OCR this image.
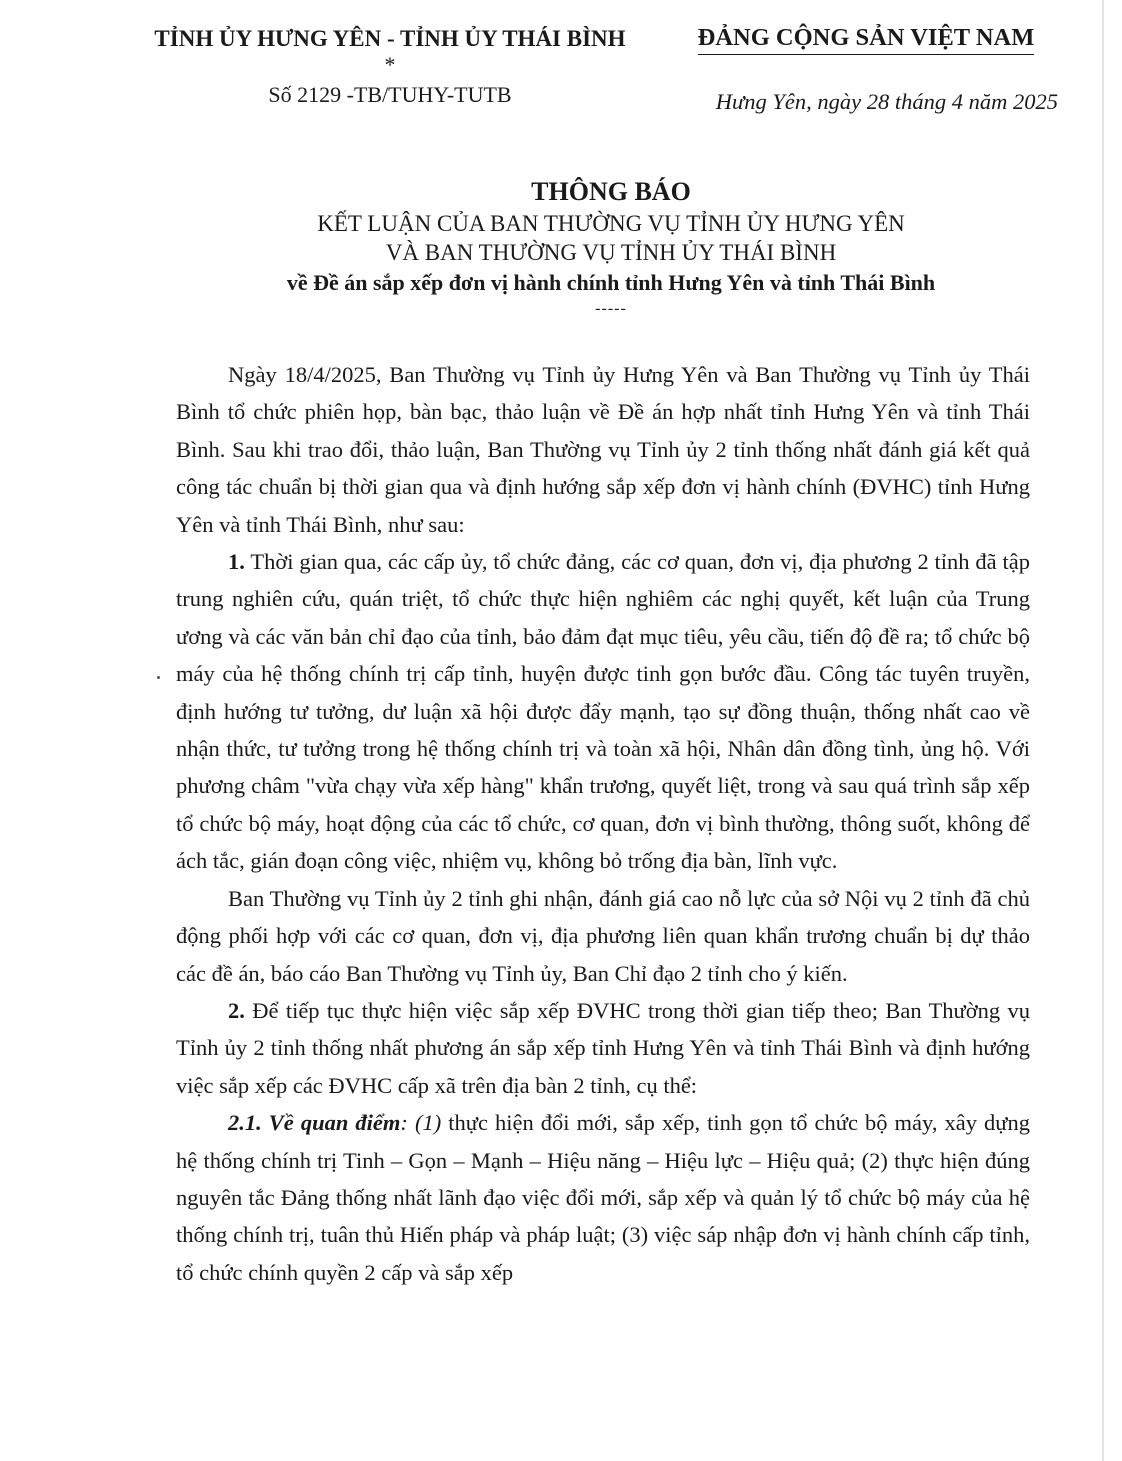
TỈNH ỦY HƯNG YÊN - TỈNH ỦY THÁI BÌNH
*
Số 2129 -TB/TUHY-TUTB
ĐẢNG CỘNG SẢN VIỆT NAM
Hưng Yên, ngày 28 tháng 4 năm 2025
THÔNG BÁO
KẾT LUẬN CỦA BAN THƯỜNG VỤ TỈNH ỦY HƯNG YÊN
VÀ BAN THƯỜNG VỤ TỈNH ỦY THÁI BÌNH
về Đề án sắp xếp đơn vị hành chính tỉnh Hưng Yên và tỉnh Thái Bình
-----

Ngày 18/4/2025, Ban Thường vụ Tỉnh ủy Hưng Yên và Ban Thường vụ Tỉnh ủy Thái Bình tổ chức phiên họp, bàn bạc, thảo luận về Đề án hợp nhất tỉnh Hưng Yên và tỉnh Thái Bình. Sau khi trao đổi, thảo luận, Ban Thường vụ Tỉnh ủy 2 tỉnh thống nhất đánh giá kết quả công tác chuẩn bị thời gian qua và định hướng sắp xếp đơn vị hành chính (ĐVHC) tỉnh Hưng Yên và tỉnh Thái Bình, như sau:

1. Thời gian qua, các cấp ủy, tổ chức đảng, các cơ quan, đơn vị, địa phương 2 tỉnh đã tập trung nghiên cứu, quán triệt, tổ chức thực hiện nghiêm các nghị quyết, kết luận của Trung ương và các văn bản chỉ đạo của tỉnh, bảo đảm đạt mục tiêu, yêu cầu, tiến độ đề ra; tổ chức bộ máy của hệ thống chính trị cấp tỉnh, huyện được tinh gọn bước đầu. Công tác tuyên truyền, định hướng tư tưởng, dư luận xã hội được đẩy mạnh, tạo sự đồng thuận, thống nhất cao về nhận thức, tư tưởng trong hệ thống chính trị và toàn xã hội, Nhân dân đồng tình, ủng hộ. Với phương châm "vừa chạy vừa xếp hàng" khẩn trương, quyết liệt, trong và sau quá trình sắp xếp tổ chức bộ máy, hoạt động của các tổ chức, cơ quan, đơn vị bình thường, thông suốt, không để ách tắc, gián đoạn công việc, nhiệm vụ, không bỏ trống địa bàn, lĩnh vực.

Ban Thường vụ Tỉnh ủy 2 tỉnh ghi nhận, đánh giá cao nỗ lực của sở Nội vụ 2 tỉnh đã chủ động phối hợp với các cơ quan, đơn vị, địa phương liên quan khẩn trương chuẩn bị dự thảo các đề án, báo cáo Ban Thường vụ Tỉnh ủy, Ban Chỉ đạo 2 tỉnh cho ý kiến.

2. Để tiếp tục thực hiện việc sắp xếp ĐVHC trong thời gian tiếp theo; Ban Thường vụ Tỉnh ủy 2 tỉnh thống nhất phương án sắp xếp tỉnh Hưng Yên và tỉnh Thái Bình và định hướng việc sắp xếp các ĐVHC cấp xã trên địa bàn 2 tỉnh, cụ thể:

2.1. Về quan điểm: (1) thực hiện đổi mới, sắp xếp, tinh gọn tổ chức bộ máy, xây dựng hệ thống chính trị Tinh – Gọn – Mạnh – Hiệu năng – Hiệu lực – Hiệu quả; (2) thực hiện đúng nguyên tắc Đảng thống nhất lãnh đạo việc đổi mới, sắp xếp và quản lý tổ chức bộ máy của hệ thống chính trị, tuân thủ Hiến pháp và pháp luật; (3) việc sáp nhập đơn vị hành chính cấp tỉnh, tổ chức chính quyền 2 cấp và sắp xếp
